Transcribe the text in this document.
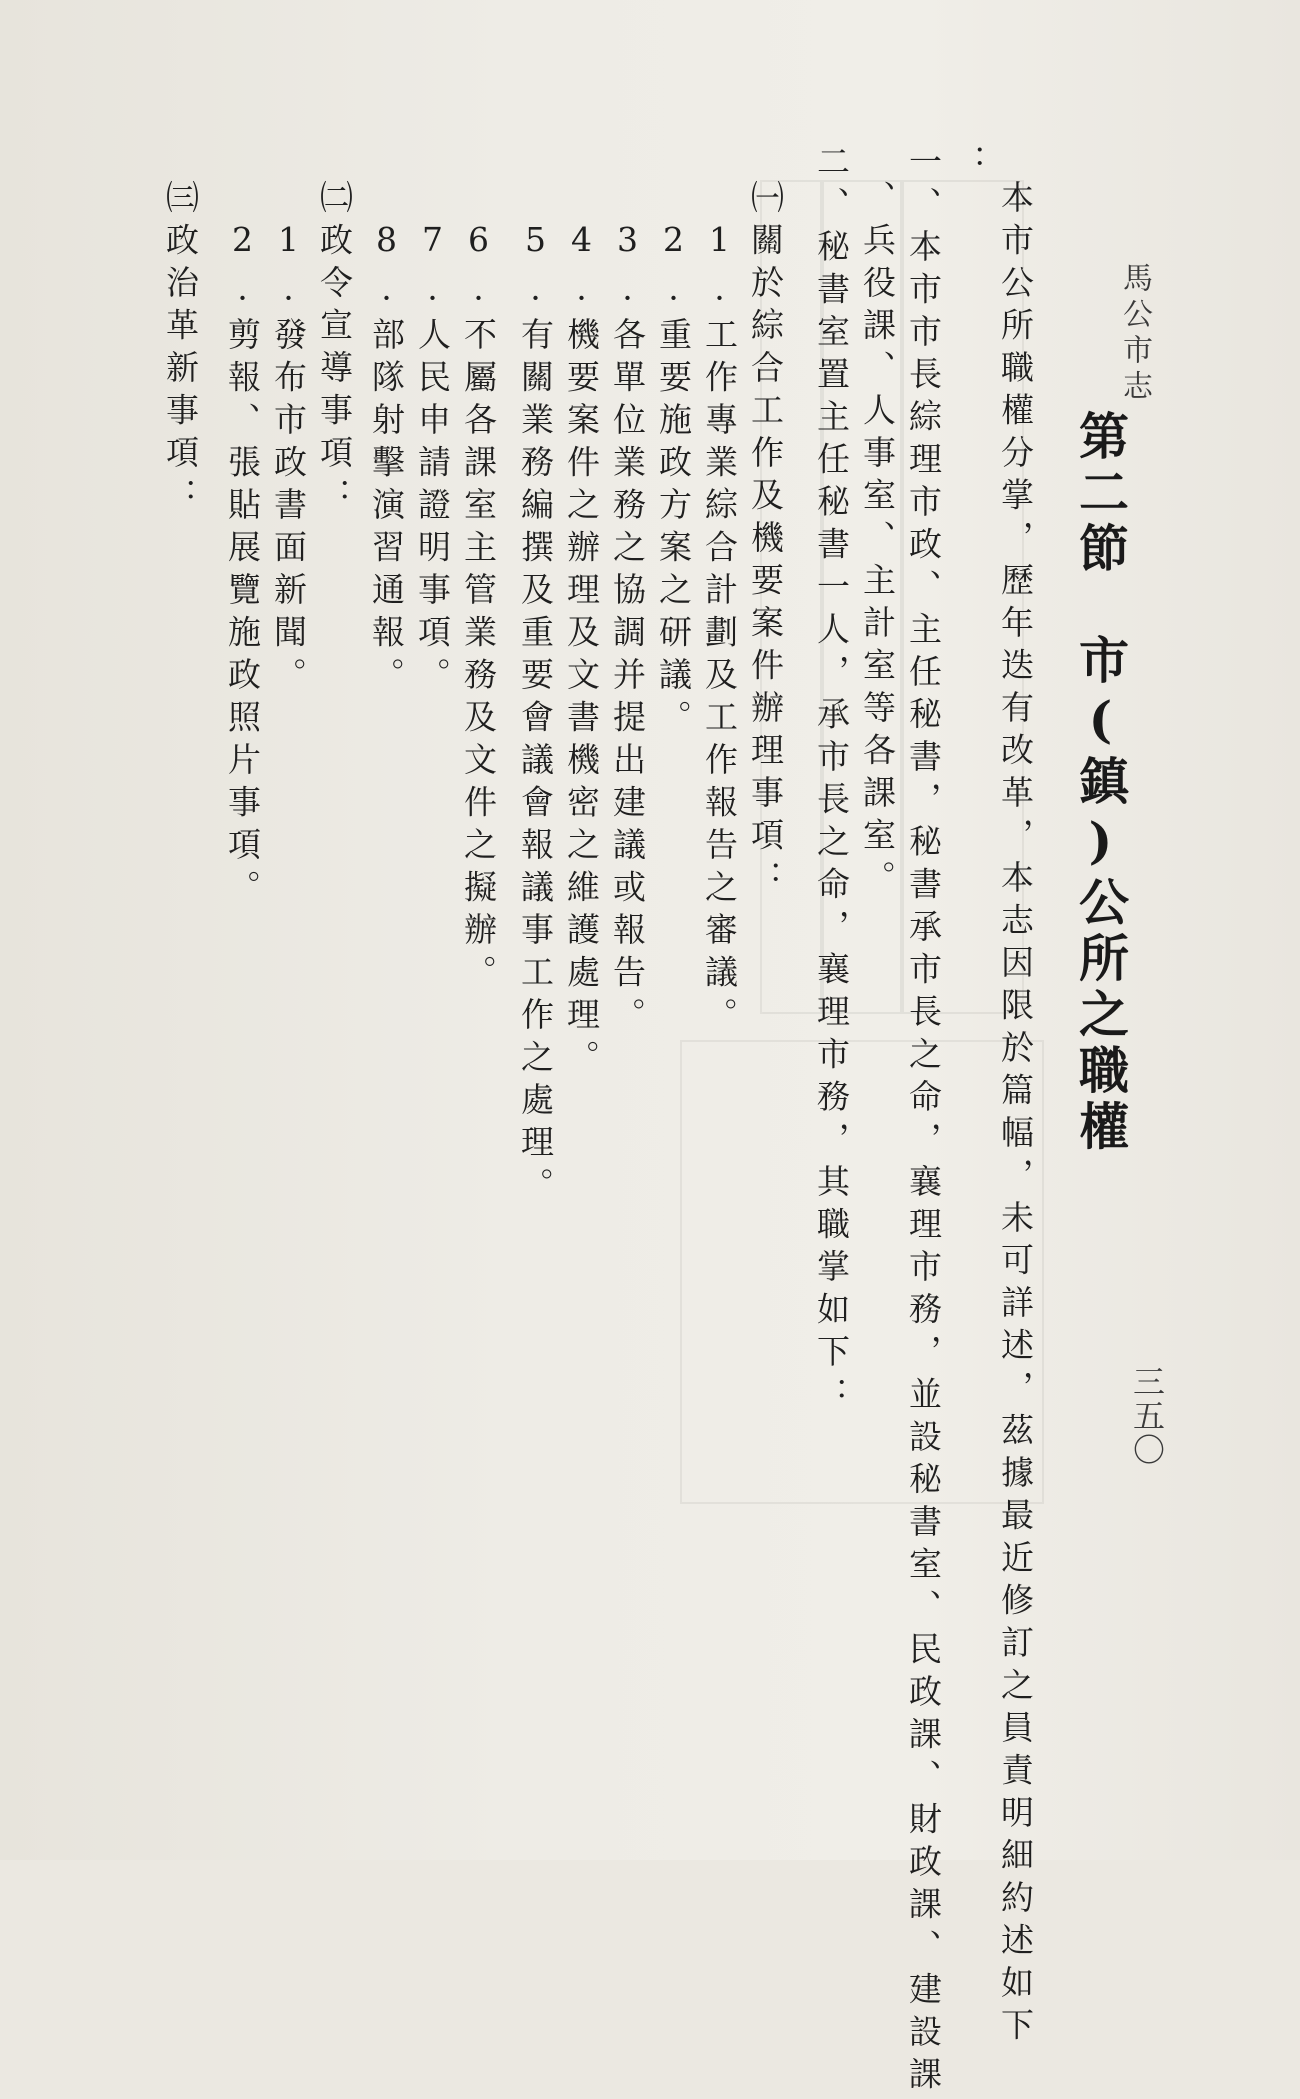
馬公市志
三五〇
第二節　市(鎮)公所之職權
本市公所職權分掌，歷年迭有改革，本志因限於篇幅，未可詳述，茲據最近修訂之員責明細約述如下
：
一、本市市長綜理市政、主任秘書，秘書承市長之命，襄理市務，並設秘書室、民政課、財政課、建設課
、兵役課、人事室、主計室等各課室。
二、秘書室置主任秘書一人，承市長之命，襄理市務，其職掌如下：
㈠關於綜合工作及機要案件辦理事項：
1.工作專業綜合計劃及工作報告之審議。
2.重要施政方案之研議。
3.各單位業務之協調并提出建議或報告。
4.機要案件之辦理及文書機密之維護處理。
5.有關業務編撰及重要會議會報議事工作之處理。
6.不屬各課室主管業務及文件之擬辦。
7.人民申請證明事項。
8.部隊射擊演習通報。
㈡政令宣導事項：
1.發布市政書面新聞。
2.剪報、張貼展覽施政照片事項。
㈢政治革新事項：
